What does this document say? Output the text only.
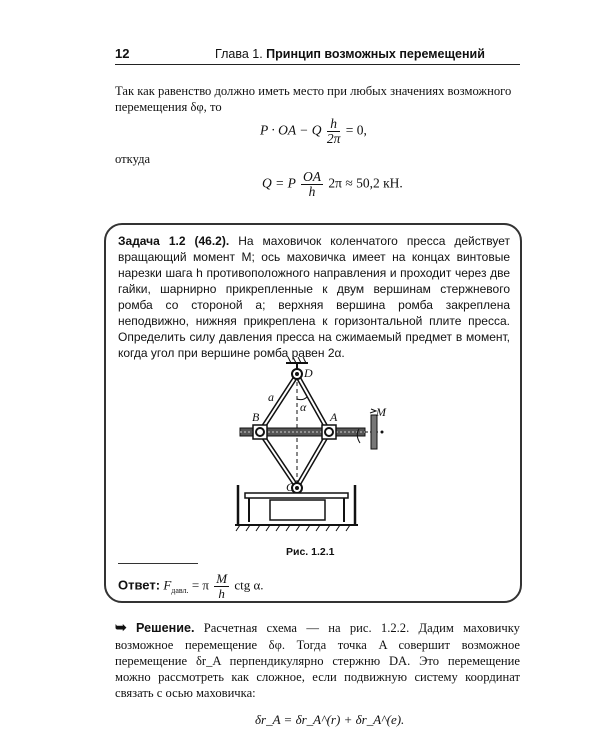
12	Глава 1. Принцип возможных перемещений
Так как равенство должно иметь место при любых значениях возможного перемещения δφ, то
P · OA − Q $\frac{h}{2\pi} = 0$,
откуда
Q = P $\frac{OA}{h} 2\pi \approx 50,2$ кН.
Задача 1.2 (46.2). На маховичок коленчатого пресса действует вращающий момент M; ось маховичка имеет на концах винтовые нарезки шага h противоположного направления и проходит через две гайки, шарнирно прикрепленные к двум вершинам стержневого ромба со стороной a; верхняя вершина ромба закреплена неподвижно, нижняя прикреплена к горизонтальной плите пресса. Определить силу давления пресса на сжимаемый предмет в момент, когда угол при вершине ромба равен 2α.
D
B	A
C
a
α	M
Рис. 1.2.1
Ответ: $F_{давл.} = \pi \frac{M}{h}$ ctg α.
➥ Решение. Расчетная схема — на рис. 1.2.2. Дадим маховичку возможное перемещение δφ. Тогда точка A совершит возможное перемещение δr_A перпендикулярно стержню DA. Это перемещение можно рассмотреть как сложное, если подвижную систему координат связать с осью маховичка:
δr_A = δr_A^(r) + δr_A^(e).
